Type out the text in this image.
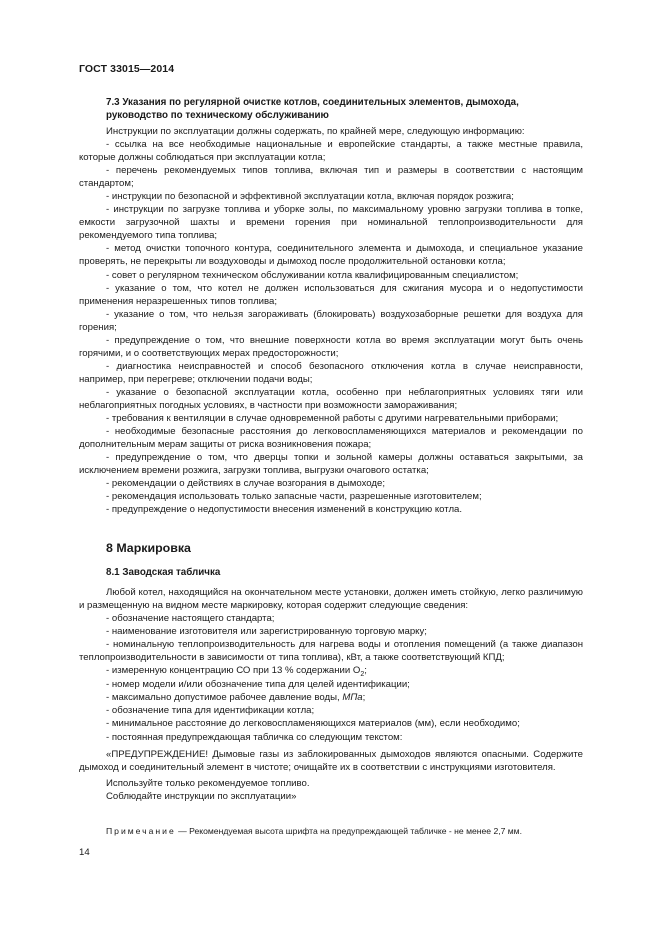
ГОСТ 33015—2014
7.3 Указания по регулярной очистке котлов, соединительных элементов, дымохода, руководство по техническому обслуживанию

Инструкции по эксплуатации должны содержать, по крайней мере, следующую информацию:

- ссылка на все необходимые национальные и европейские стандарты, а также местные правила, которые должны соблюдаться при эксплуатации котла;

- перечень рекомендуемых типов топлива, включая тип и размеры в соответствии с настоящим стандартом;

- инструкции по безопасной и эффективной эксплуатации котла, включая порядок розжига;

- инструкции по загрузке топлива и уборке золы, по максимальному уровню загрузки топлива в топке, емкости загрузочной шахты и времени горения при номинальной теплопроизводительности для рекомендуемого типа топлива;

- метод очистки топочного контура, соединительного элемента и дымохода, и специальное указание проверять, не перекрыты ли воздуховоды и дымоход после продолжительной остановки котла;

- совет о регулярном техническом обслуживании котла квалифицированным специалистом;

- указание о том, что котел не должен использоваться для сжигания мусора и о недопустимости применения неразрешенных типов топлива;

- указание о том, что нельзя загораживать (блокировать) воздухозаборные решетки для воздуха для горения;

- предупреждение о том, что внешние поверхности котла во время эксплуатации могут быть очень горячими, и о соответствующих мерах предосторожности;

- диагностика неисправностей и способ безопасного отключения котла в случае неисправности, например, при перегреве; отключении подачи воды;

- указание о безопасной эксплуатации котла, особенно при неблагоприятных условиях тяги или неблагоприятных погодных условиях, в частности при возможности замораживания;

- требования к вентиляции в случае одновременной работы с другими нагревательными приборами;

- необходимые безопасные расстояния до легковоспламеняющихся материалов и рекомендации по дополнительным мерам защиты от риска возникновения пожара;

- предупреждение о том, что дверцы топки и зольной камеры должны оставаться закрытыми, за исключением времени розжига, загрузки топлива, выгрузки очагового остатка;

- рекомендации о действиях в случае возгорания в дымоходе;

- рекомендация использовать только запасные части, разрешенные изготовителем;

- предупреждение о недопустимости внесения изменений в конструкцию котла.

8 Маркировка
8.1 Заводская табличка

Любой котел, находящийся на окончательном месте установки, должен иметь стойкую, легко различимую и размещенную на видном месте маркировку, которая содержит следующие сведения:

- обозначение настоящего стандарта;

- наименование изготовителя или зарегистрированную торговую марку;

- номинальную теплопроизводительность для нагрева воды и отопления помещений (а также диапазон теплопроизводительности в зависимости от типа топлива), кВт, а также соответствующий КПД;

- измеренную концентрацию СО при 13 % содержании $О_2$;

- номер модели и/или обозначение типа для целей идентификации;

- максимально допустимое рабочее давление воды, МПа;

- обозначение типа для идентификации котла;

- минимальное расстояние до легковоспламеняющихся материалов (мм), если необходимо;

- постоянная предупреждающая табличка со следующим текстом:

«ПРЕДУПРЕЖДЕНИЕ! Дымовые газы из заблокированных дымоходов являются опасными. Содержите дымоход и соединительный элемент в чистоте; очищайте их в соответствии с инструкциями изготовителя.

Используйте только рекомендуемое топливо.

Соблюдайте инструкции по эксплуатации»

Примечание — Рекомендуемая высота шрифта на предупреждающей табличке - не менее 2,7 мм.
14
